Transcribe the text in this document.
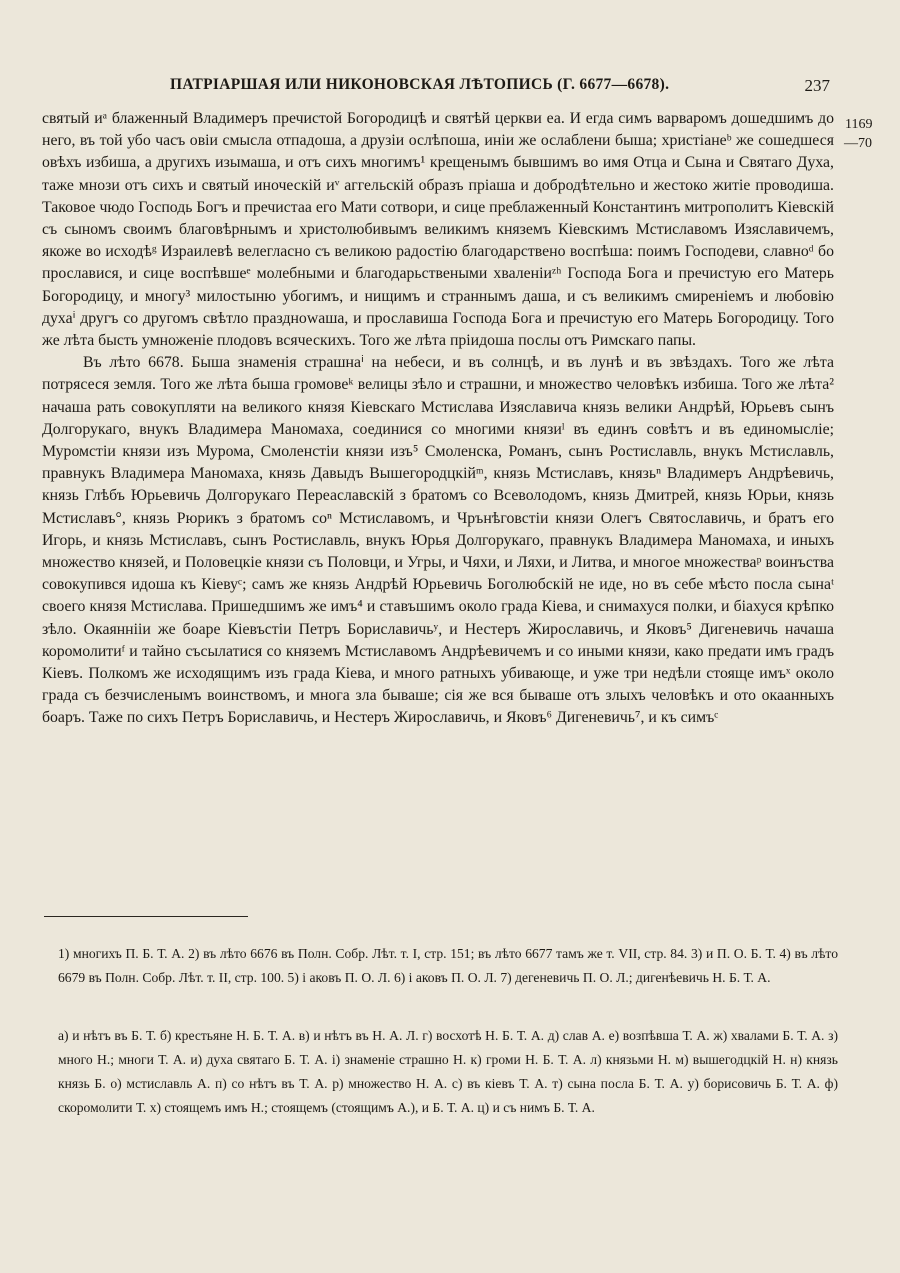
ПАТРІАРШАЯ ИЛИ НИКОНОВСКАЯ ЛѢТОПИСЬ (Г. 6677—6678).	237
1169
—70

святый иᵃ блаженный Владимеръ пречистой Богородицѣ и святѣй церкви еа. И егда симъ варваромъ дошедшимъ до него, въ той убо часъ овіи смысла отпадоша, а друзіи ослѣпоша, иніи же ослаблени быша; христіанеᵇ же сошедшеся овѣхъ избиша, а другихъ изымаша, и отъ сихъ многимъ¹ крещенымъ бывшимъ во имя Отца и Сына и Святаго Духа, таже мнози отъ сихъ и святый иноческій иᵛ аггельскій образъ пріаша и добродѣтельно и жестоко житіе проводиша. Таковое чюдо Господь Богъ и пречистаа его Мати сотвори, и сице преблаженный Константинъ митрополитъ Кіевскій съ сыномъ своимъ благовѣрнымъ и христолюбивымъ великимъ княземъ Кіевскимъ Мстиславомъ Изяславичемъ, якоже во исходѣᵍ Израилевѣ велегласно съ великою радостію благодарствено воспѣша: поимъ Господеви, славноᵈ бо прославися, и сице воспѣвшеᵉ молебными и благодарьствеными хваленіиᶻʰ Господа Бога и пречистую его Матерь Богородицу, и многу³ милостыню убогимъ, и нищимъ и страннымъ даша, и съ великимъ смиреніемъ и любовію духаⁱ другъ со другомъ свѣтло празднowаша, и прославиша Господа Бога и пречистую его Матерь Богородицу. Того же лѣта бысть умноженіе плодовъ всяческихъ. Того же лѣта пріидоша послы отъ Римскаго папы.

Въ лѣто 6678. Быша знаменія страшнаⁱ на небеси, и въ солнцѣ, и въ лунѣ и въ звѣздахъ. Того же лѣта потрясеся земля. Того же лѣта быша громовеᵏ велицы зѣло и страшни, и множество человѣкъ избиша. Того же лѣта² начаша рать совокупляти на великого князя Кіевскаго Мстислава Изяславича князь велики Андрѣй, Юрьевъ сынъ Долгорукаго, внукъ Владимера Маномаха, соединися со многими князиˡ въ единъ совѣтъ и въ единомысліе; Муромстіи князи изъ Мурома, Смоленстіи князи изъ⁵ Смоленска, Романъ, сынъ Ростиславль, внукъ Мстиславль, правнукъ Владимера Маномаха, князь Давыдъ Вышегородцкійᵐ, князь Мстиславъ, князьⁿ Владимеръ Андрѣевичь, князь Глѣбъ Юрьевичь Долгорукаго Переаславскій з братомъ со Всеволодомъ, князь Дмитрей, князь Юрьи, князь Мстиславъ°, князь Рюрикъ з братомъ соⁿ Мстиславомъ, и Чрънѣговстіи князи Олегъ Святославичь, и братъ его Игорь, и князь Мстиславъ, сынъ Ростиславль, внукъ Юрья Долгорукаго, правнукъ Владимера Маномаха, и иныхъ множество князей, и Половецкіе князи съ Половци, и Угры, и Чяхи, и Ляхи, и Литва, и многое множестваᵖ воинъства совокупився идоша къ Кіевуᶜ; самъ же князь Андрѣй Юрьевичь Боголюбскій не иде, но въ себе мѣсто посла сынаᵗ своего князя Мстислава. Пришедшимъ же имъ⁴ и ставъшимъ около града Кіева, и снимахуся полки, и біахуся крѣпко зѣло. Окаяннііи же боаре Кіевъстіи Петръ Бориславичьʸ, и Нестеръ Жирославичь, и Яковъ⁵ Дигеневичь начаша коромолитиᶠ и тайно съсылатися со княземъ Мстиславомъ Андрѣевичемъ и со иными князи, како предати имъ градъ Кіевъ. Полкомъ же исходящимъ изъ града Кіева, и много ратныхъ убивающе, и уже три недѣли стояще имъˣ около града съ безчисленымъ воинствомъ, и многа зла бываше; сія же вся бываше отъ злыхъ человѣкъ и ото окаанныхъ боаръ. Таже по сихъ Петръ Бориславичь, и Нестеръ Жирославичь, и Яковъ⁶ Дигеневичь⁷, и къ симъᶜ

1) многихъ П. Б. Т. А. 2) въ лѣто 6676 въ Полн. Собр. Лѣт. т. I, стр. 151; въ лѣто 6677 тамъ же т. VII, стр. 84. 3) и П. О. Б. Т. 4) въ лѣто 6679 въ Полн. Собр. Лѣт. т. II, стр. 100. 5) і аковъ П. О. Л. 6) і аковъ П. О. Л. 7) дегеневичь П. О. Л.; дигенѣевичь Н. Б. Т. А.

а) и нѣтъ въ Б. Т. б) крестьяне Н. Б. Т. А. в) и нѣтъ въ Н. А. Л. г) восхотѣ Н. Б. Т. А. д) слав А. е) возпѣвша Т. А. ж) хвалами Б. Т. А. з) много Н.; многи Т. А. и) духа святаго Б. Т. А. і) знаменіе страшно Н. к) громи Н. Б. Т. А. л) князьми Н. м) вышегодцкій Н. н) князь князь Б. о) мстиславль А. п) со нѣтъ въ Т. А. р) множество Н. А. с) въ кіевъ Т. А. т) сына посла Б. Т. А. у) борисовичь Б. Т. А. ф) скоромолити Т. х) стоящемъ имъ Н.; стоящемъ (стоящимъ А.), и Б. Т. А. ц) и съ нимъ Б. Т. А.
